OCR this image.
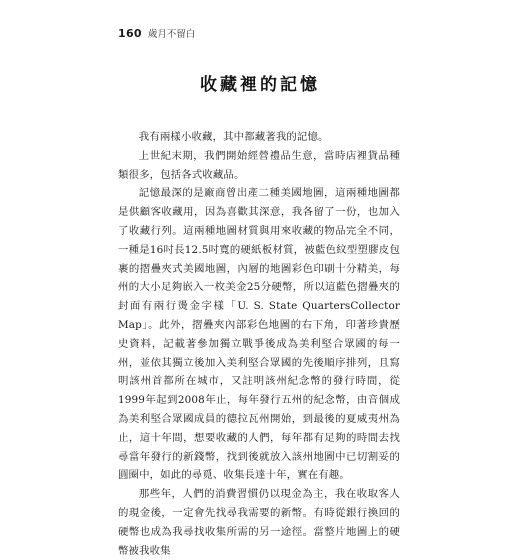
160 歲月不留白
收藏裡的記憶

我有兩樣小收藏，其中都藏著我的記憶。

上世紀末期，我們開始經營禮品生意，當時店裡貨品種類很多，包括各式收藏品。

記憶最深的是廠商曾出產二種美國地圖，這兩種地圖都是供顧客收藏用，因為喜歡其深意，我各留了一份，也加入了收藏行列。這兩種地圖材質與用來收藏的物品完全不同，一種是16吋長12.5吋寬的硬紙板材質，被藍色紋型塑膠皮包裹的摺疊夾式美國地圖，內層的地圖彩色印刷十分精美，每州的大小足夠嵌入一枚美金25分硬幣，所以這藍色摺疊夾的封面有兩行燙金字樣「U. S. State QuartersCollector Map」。此外，摺疊夾內部彩色地圖的右下角，印著珍貴歷史資料，記載著參加獨立戰爭後成為美利堅合眾國的每一州，並依其獨立後加入美利堅合眾國的先後順序排列，且寫明該州首都所在城市，又註明該州紀念幣的發行時間，從1999年起到2008年止，每年發行五州的紀念幣，由音個成為美利堅合眾國成員的德拉瓦州開始，到最後的夏威夷州為止，這十年間，想要收藏的人們，每年都有足夠的時間去找尋當年發行的新錢幣，找到後就放入該州地圖中已切割妥的圓圈中，如此的尋覓、收集長達十年，實在有趣。

那些年，人們的消費習慣仍以現金為主，我在收取客人的現金後，一定會先找尋我需要的新幣。有時從銀行換回的硬幣也成為我尋找收集所需的另一途徑。當整片地圖上的硬幣被我收集
